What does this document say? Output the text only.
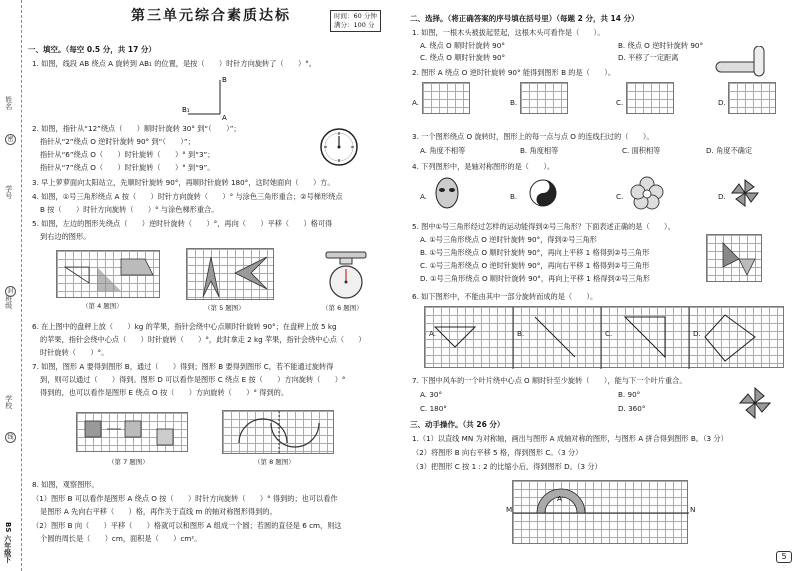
姓名
密
学号
封
班级
学校
线
BS 六年级下
第三单元综合素质达标	时间：60 分钟
满分：100 分
一、填空。（每空 0.5 分，共 17 分）
1. 如图，线段 AB 绕点 A 旋转到 AB₁ 的位置，是按（　　）时针方向旋转了（　　）°。
B
B₁
A
2. 如图，指针从“12”绕点（　　）顺时针旋转 30° 到“（　　）”；
指针从“2”绕点 O 逆时针旋转 90° 到“（　　）”；
指针从“6”绕点 O（　　）时针旋转（　　）° 到“3”；
指针从“7”绕点 O（　　）时针旋转（　　）° 到“9”。
3. 早上萝萝面向太阳站立，先顺时针旋转 90°，再顺时针旋转 180°，这时她面向（　　）方。
4. 如图，①号三角形绕点 A 按（　　）时针方向旋转（　　）° 与涂色三角形重合；②号梯形绕点
B 按（　　）时针方向旋转（　　）° 与涂色梯形重合。
5. 如图，左边的图形先绕点（　　）逆时针旋转（　　）°，再向（　　）平移（　　）格可得
到右边的图形。
（第 4 题图）	（第 5 题图）	（第 6 题图）
6. 在上图中的盘秤上放（　　）kg 的苹果，指针会绕中心点顺时针旋转 90°；在盘秤上放 5 kg
的苹果，指针会绕中心点（　　）时针旋转（　　）°，此时拿走 2 kg 苹果，指针会绕中心点（　　）
时针旋转（　　）°。
7. 如图，图形 A 要得到图形 B，通过（　　）得到；图形 B 要得到图形 C，若不能通过旋转得
到，则可以通过（　　）得到。图形 D 可以看作是图形 C 绕点 E 按（　　）方向旋转（　　）°
得到的，也可以看作是图形 E 绕点 O 按（　　）方向旋转（　　）° 得到的。
（第 7 题图）	（第 8 题图）
8. 如图，观察图形。
（1）图形 B 可以看作是图形 A 绕点 O 按（　　）时针方向旋转（　　）° 得到的；也可以看作
是图形 A 先向右平移（　　）格，再作关于直线 m 的轴对称图形得到的。
（2）图形 B 向（　　）平移（　　）格就可以和图形 A 组成一个圆；若圆的直径是 6 cm，则这
个圆的周长是（　　）cm，面积是（　　）cm²。
二、选择。（将正确答案的序号填在括号里）（每题 2 分，共 14 分）
1. 如图，一根木头被拔起竖起，这根木头可看作是（　　）。
A. 绕点 O 顺时针旋转 90°	B. 绕点 O 逆时针旋转 90°
C. 绕点 O 顺时针旋转 90°	D. 平移了一定距离
2. 图形 A 绕点 O 逆时针旋转 90° 能得到图形 B 的是（　　）。
A.	B.	C.	D.
3. 一个图形绕点 O 旋转时，图形上的每一点与点 O 的连线扫过的（　　）。
A. 角度不相等	B. 角度相等	C. 面积相等	D. 角度不确定
4. 下列图形中，是轴对称图形的是（　　）。
A.	B.	C.	D.
5. 图中①号三角形经过怎样的运动能得到②号三角形？下面表述正确的是（　　）。
A. ①号三角形绕点 O 逆时针旋转 90°，得到②号三角形
B. ①号三角形绕点 O 顺时针旋转 90°，再向上平移 1 格得到②号三角形
C. ①号三角形绕点 O 逆时针旋转 90°，再向右平移 1 格得到②号三角形
D. ①号三角形绕点 O 顺时针旋转 90°，再向上平移 1 格得到②号三角形
6. 如下图形中，不能由其中一部分旋转而成的是（　　）。
A.	B.	C.	D.
7. 下图中风车的一个叶片绕中心点 O 顺时针至少旋转（　　），能与下一个叶片重合。
A. 30°	B. 90°
C. 180°	D. 360°
三、动手操作。（共 26 分）
1.（1）以直线 MN 为对称轴，画出与图形 A 成轴对称的图形，与图形 A 拼合得到图形 B。（3 分）
（2）将图形 B 向右平移 5 格，得到图形 C。（3 分）
（3）把图形 C 按 1 : 2 的比缩小后，得到图形 D。（3 分）
A
M	N
5
